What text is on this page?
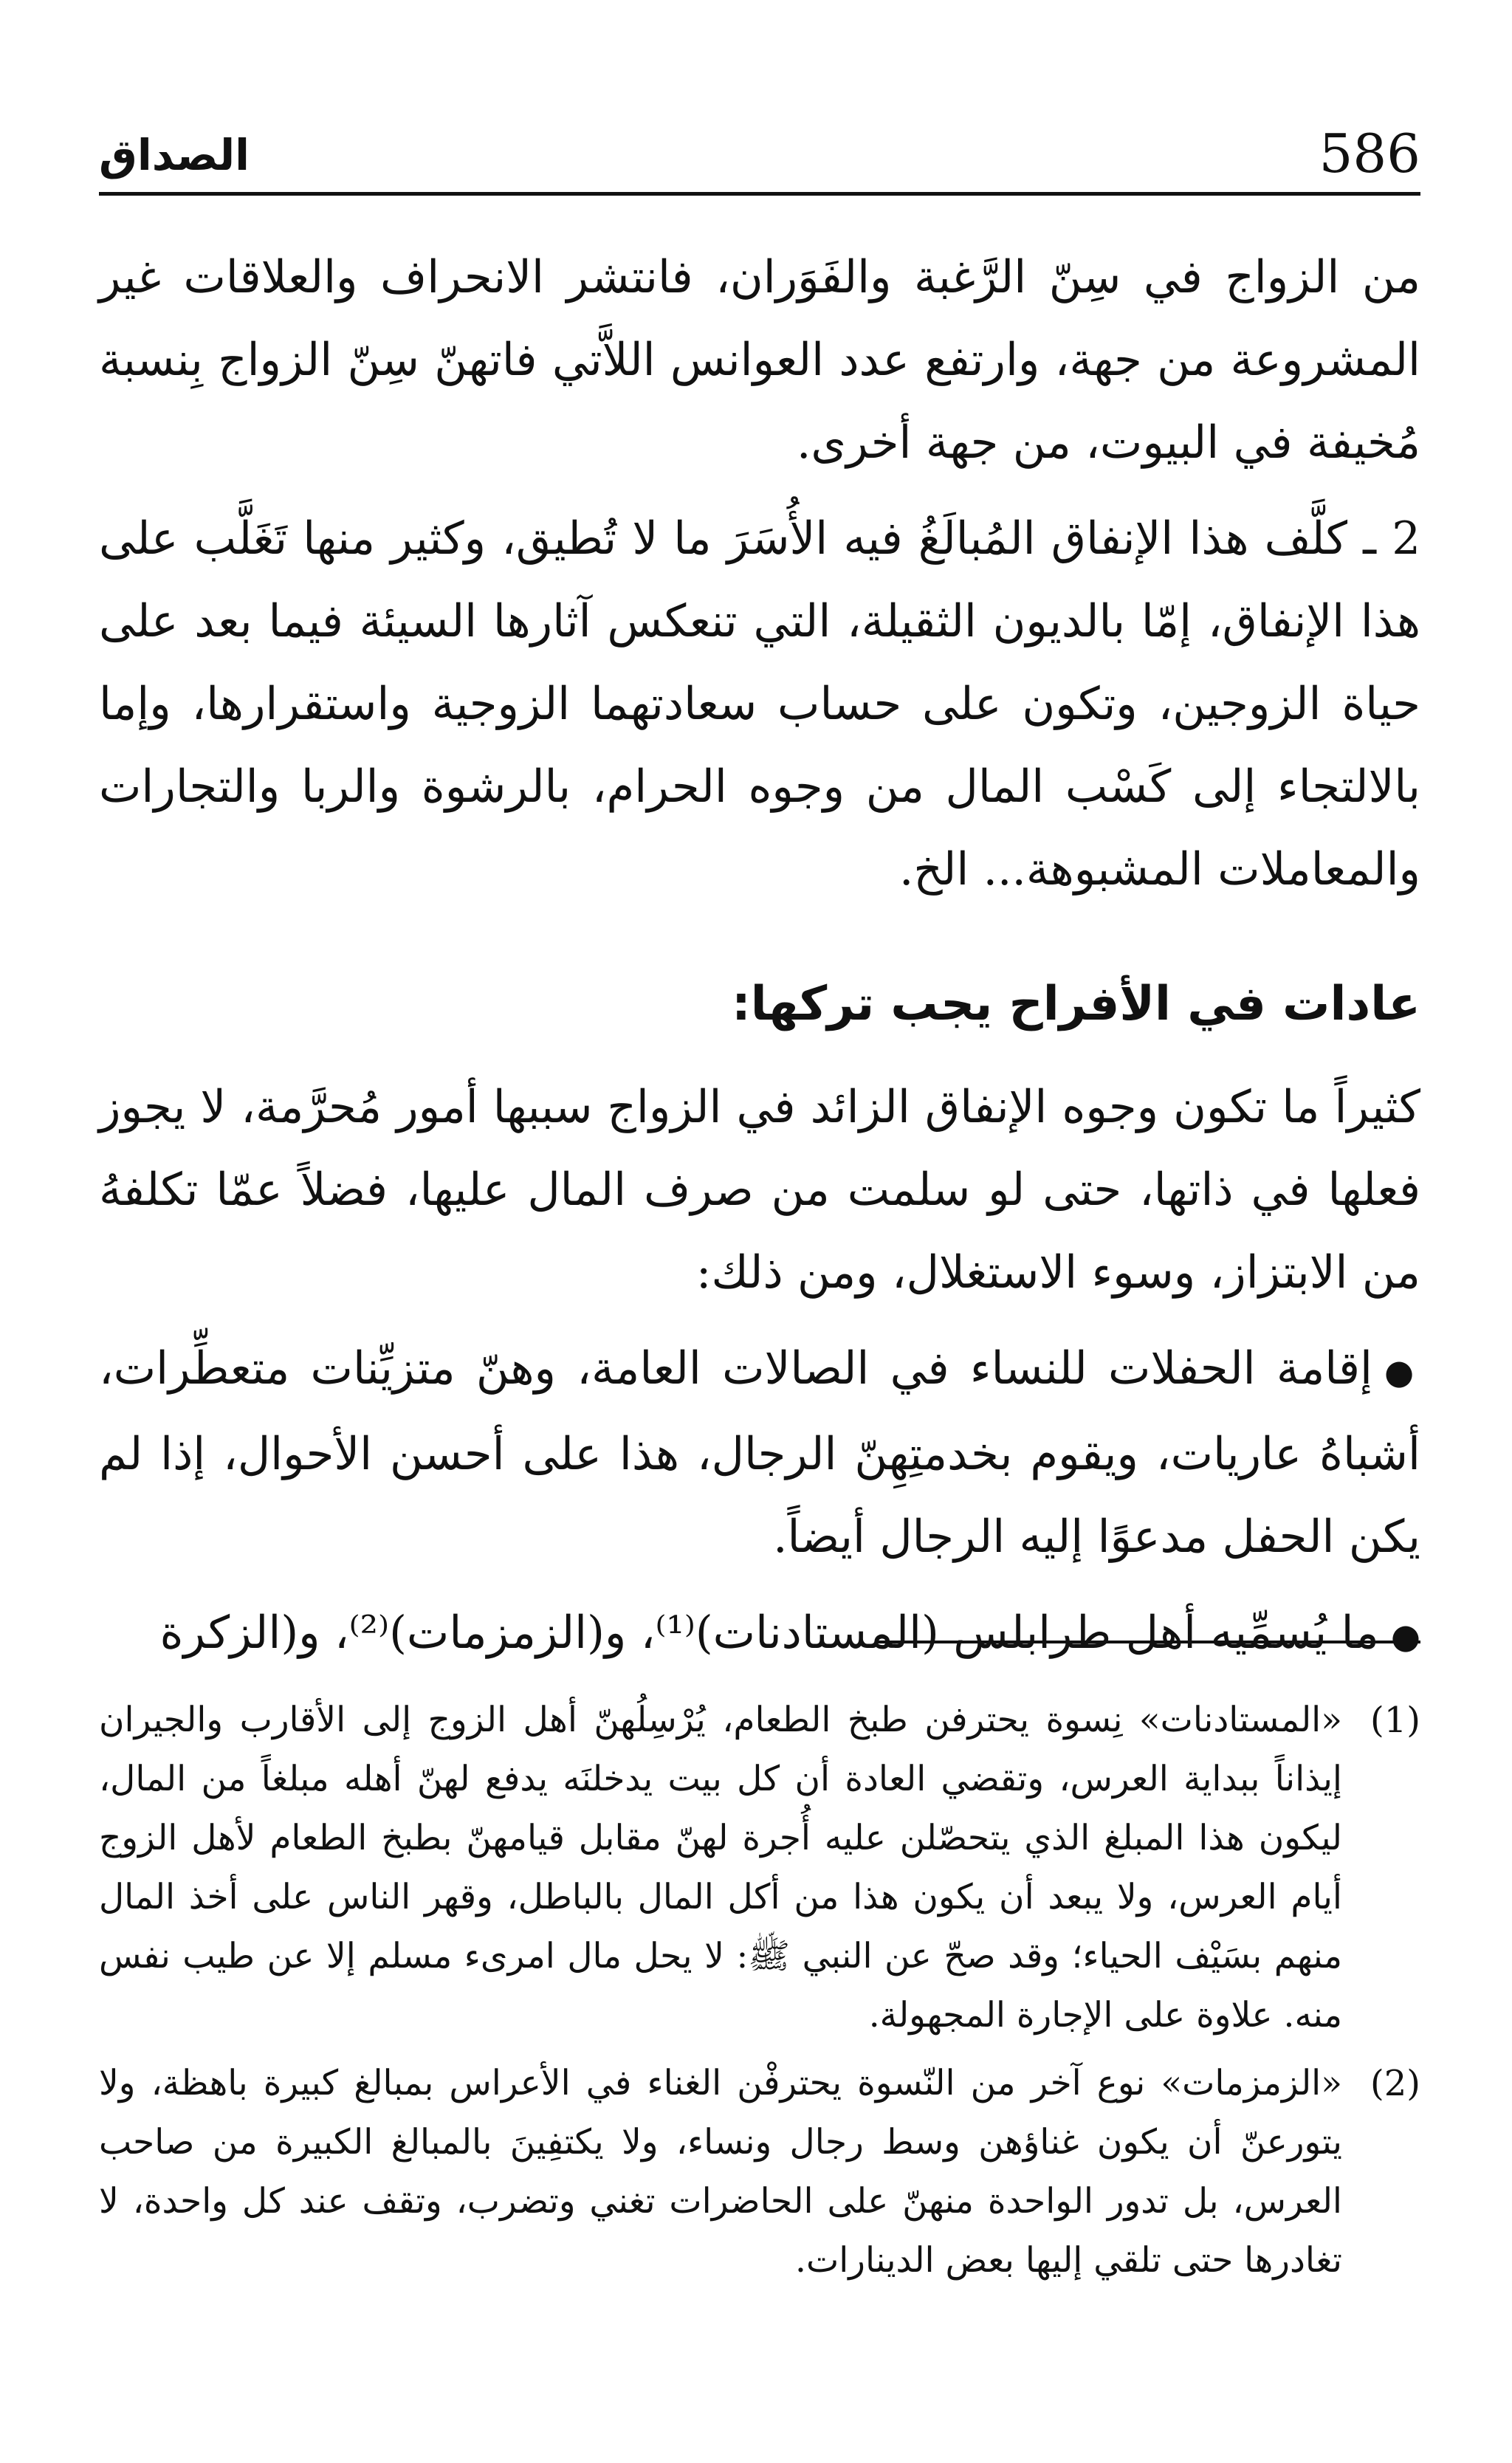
586
الصداق

من الزواج في سِنّ الرَّغبة والفَوَران، فانتشر الانحراف والعلاقات غير المشروعة من جهة، وارتفع عدد العوانس اللاَّتي فاتهنّ سِنّ الزواج بِنسبة مُخيفة في البيوت، من جهة أخرى.

2 ـ كلَّف هذا الإنفاق المُبالَغُ فيه الأُسَرَ ما لا تُطيق، وكثير منها تَغَلَّب على هذا الإنفاق، إمّا بالديون الثقيلة، التي تنعكس آثارها السيئة فيما بعد على حياة الزوجين، وتكون على حساب سعادتهما الزوجية واستقرارها، وإما بالالتجاء إلى كَسْب المال من وجوه الحرام، بالرشوة والربا والتجارات والمعاملات المشبوهة... الخ.

عادات في الأفراح يجب تركها:

كثيراً ما تكون وجوه الإنفاق الزائد في الزواج سببها أمور مُحرَّمة، لا يجوز فعلها في ذاتها، حتى لو سلمت من صرف المال عليها، فضلاً عمّا تكلفهُ من الابتزاز، وسوء الاستغلال، ومن ذلك:

●إقامة الحفلات للنساء في الصالات العامة، وهنّ متزيِّنات متعطِّرات، أشباهُ عاريات، ويقوم بخدمتِهِنّ الرجال، هذا على أحسن الأحوال، إذا لم يكن الحفل مدعوًا إليه الرجال أيضاً.

●ما يُسمِّيه أهل طرابلس (المستادنات)⁽¹⁾، و(الزمزمات)⁽²⁾، و(الزكرة

(1)

«المستادنات» نِسوة يحترفن طبخ الطعام، يُرْسِلُهنّ أهل الزوج إلى الأقارب والجيران إيذاناً ببداية العرس، وتقضي العادة أن كل بيت يدخلنَه يدفع لهنّ أهله مبلغاً من المال، ليكون هذا المبلغ الذي يتحصّلن عليه أُجرة لهنّ مقابل قيامهنّ بطبخ الطعام لأهل الزوج أيام العرس، ولا يبعد أن يكون هذا من أكل المال بالباطل، وقهر الناس على أخذ المال منهم بسَيْف الحياء؛ وقد صحّ عن النبي ﷺ: لا يحل مال امرىء مسلم إلا عن طيب نفس منه. علاوة على الإجارة المجهولة.

(2)

«الزمزمات» نوع آخر من النّسوة يحترفْن الغناء في الأعراس بمبالغ كبيرة باهظة، ولا يتورعنّ أن يكون غناؤهن وسط رجال ونساء، ولا يكتفِينَ بالمبالغ الكبيرة من صاحب العرس، بل تدور الواحدة منهنّ على الحاضرات تغني وتضرب، وتقف عند كل واحدة، لا تغادرها حتى تلقي إليها بعض الدينارات.
